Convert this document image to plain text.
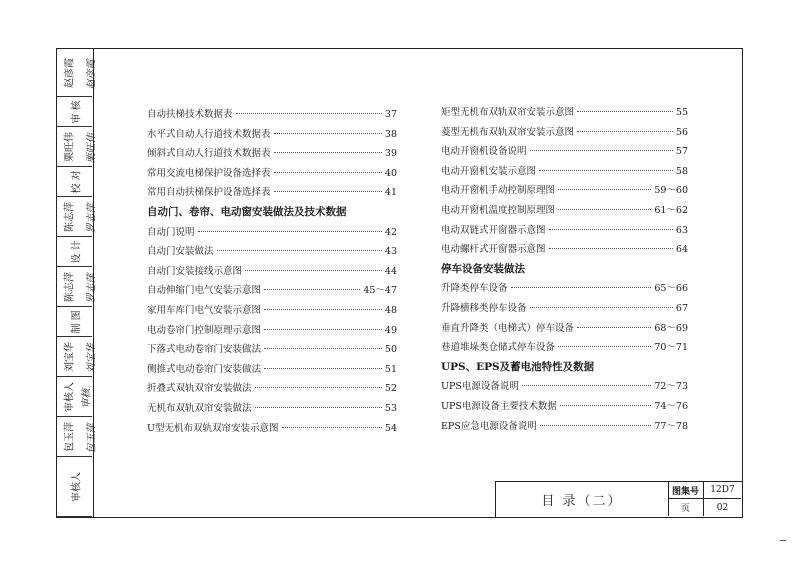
赵彦霞	赵彦霞
审 核
栗旺伟	栗旺伟
校 对
陈志萍	罗志萍
设 计
陈志萍	罗志萍
制 图
刘宝华	刘宝华
审核人 审核
包玉萍	包玉萍
审核人
自动扶梯技术数据表	37
水平式自动人行道技术数据表	38
倾斜式自动人行道技术数据表	39
常用交流电梯保护设备选择表	40
常用自动扶梯保护设备选择表	41
自动门、卷帘、电动窗安装做法及技术数据
自动门说明	42
自动门安装做法	43
自动门安装接线示意图	44
自动伸缩门电气安装示意图	45～47
家用车库门电气安装示意图	48
电动卷帘门控制原理示意图	49
下落式电动卷帘门安装做法	50
侧推式电动卷帘门安装做法	51
折叠式双轨双帘安装做法	52
无机布双轨双帘安装做法	53
U型无机布双轨双帘安装示意图	54
矩型无机布双轨双帘安装示意图	55
菱型无机布双轨双帘安装示意图	56
电动开窗机设备说明	57
电动开窗机安装示意图	58
电动开窗机手动控制原理图	59～60
电动开窗机温度控制原理图	61～62
电动双链式开窗器示意图	63
电动螺杆式开窗器示意图	64
停车设备安装做法
升降类停车设备	65～66
升降横移类停车设备	67
垂直升降类（电梯式）停车设备	68～69
巷道堆垛类仓储式停车设备	70～71
UPS、EPS及蓄电池特性及数据
UPS电源设备说明	72～73
UPS电源设备主要技术数据	74～76
EPS应急电源设备说明	77～78
目 录（二）
图集号	12D7
页	02
